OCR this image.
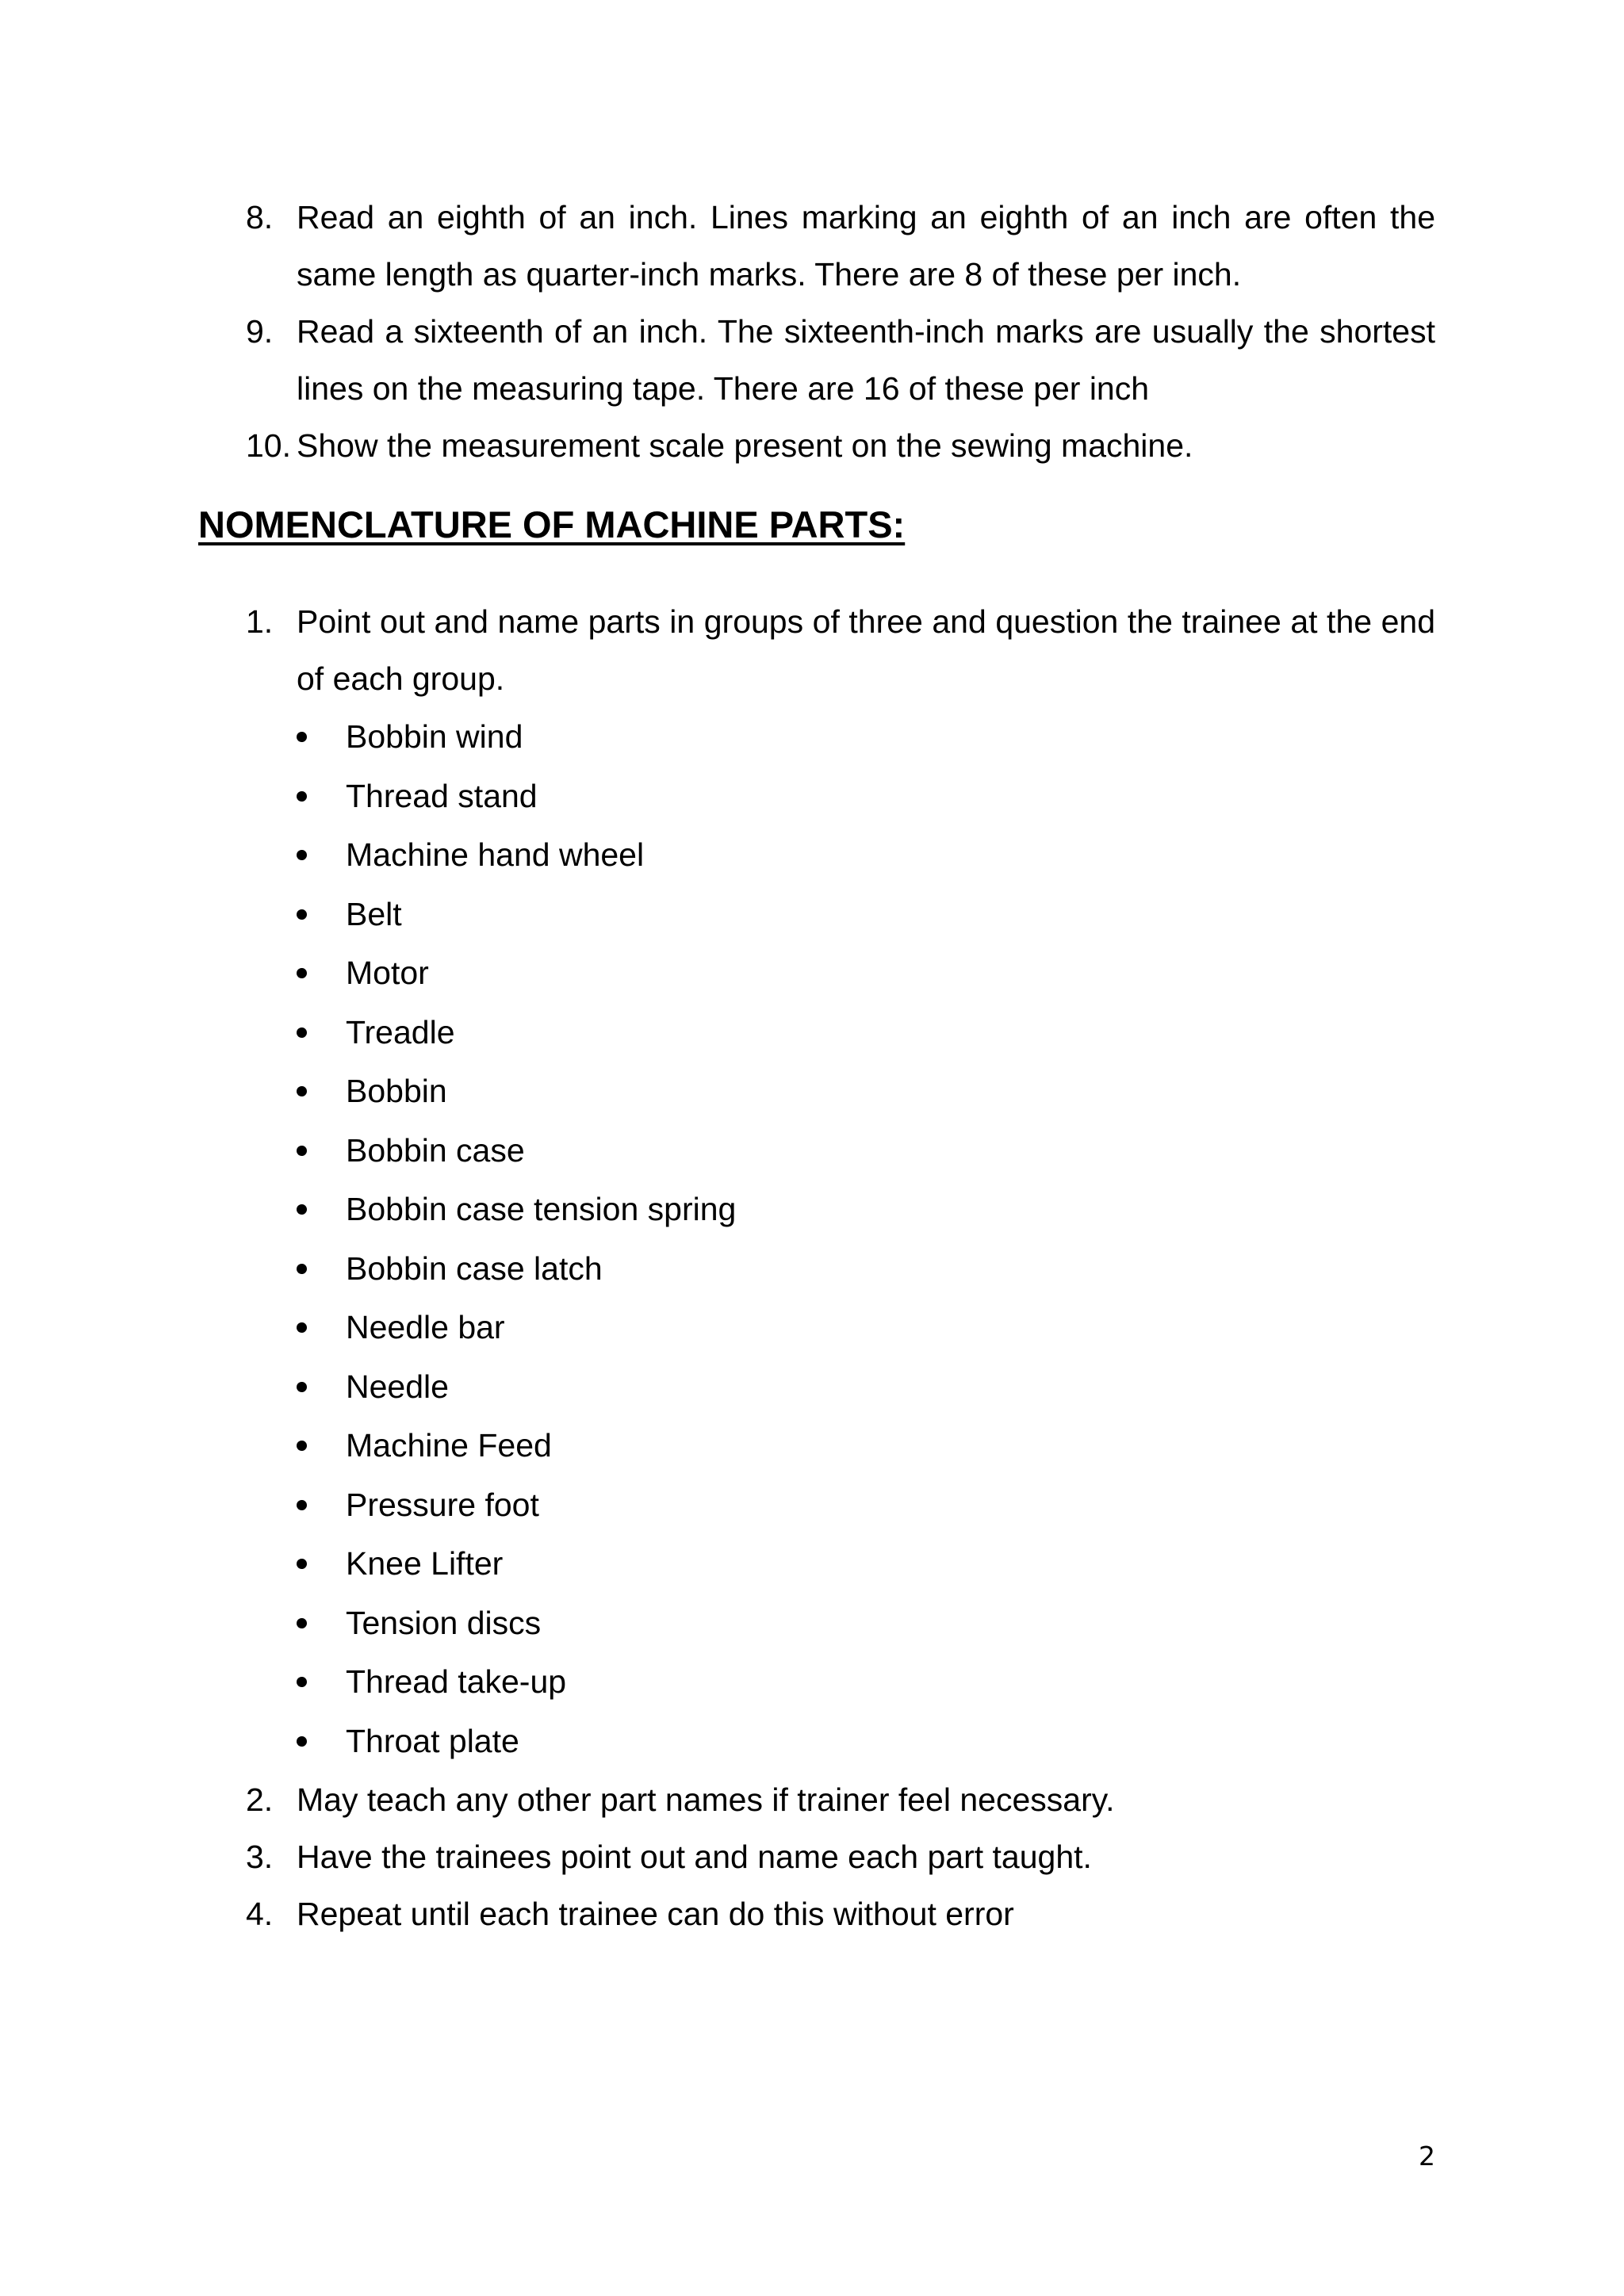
8. Read an eighth of an inch. Lines marking an eighth of an inch are often the same length as quarter-inch marks. There are 8 of these per inch.
9. Read a sixteenth of an inch. The sixteenth-inch marks are usually the shortest lines on the measuring tape. There are 16 of these per inch
10. Show the measurement scale present on the sewing machine.
NOMENCLATURE OF MACHINE PARTS:
1. Point out and name parts in groups of three and question the trainee at the end of each group.
Bobbin wind
Thread stand
Machine hand wheel
Belt
Motor
Treadle
Bobbin
Bobbin case
Bobbin case tension spring
Bobbin case latch
Needle bar
Needle
Machine Feed
Pressure foot
Knee Lifter
Tension discs
Thread take-up
Throat plate
2. May teach any other part names if trainer feel necessary.
3. Have the trainees point out and name each part taught.
4. Repeat until each trainee can do this without error
2
